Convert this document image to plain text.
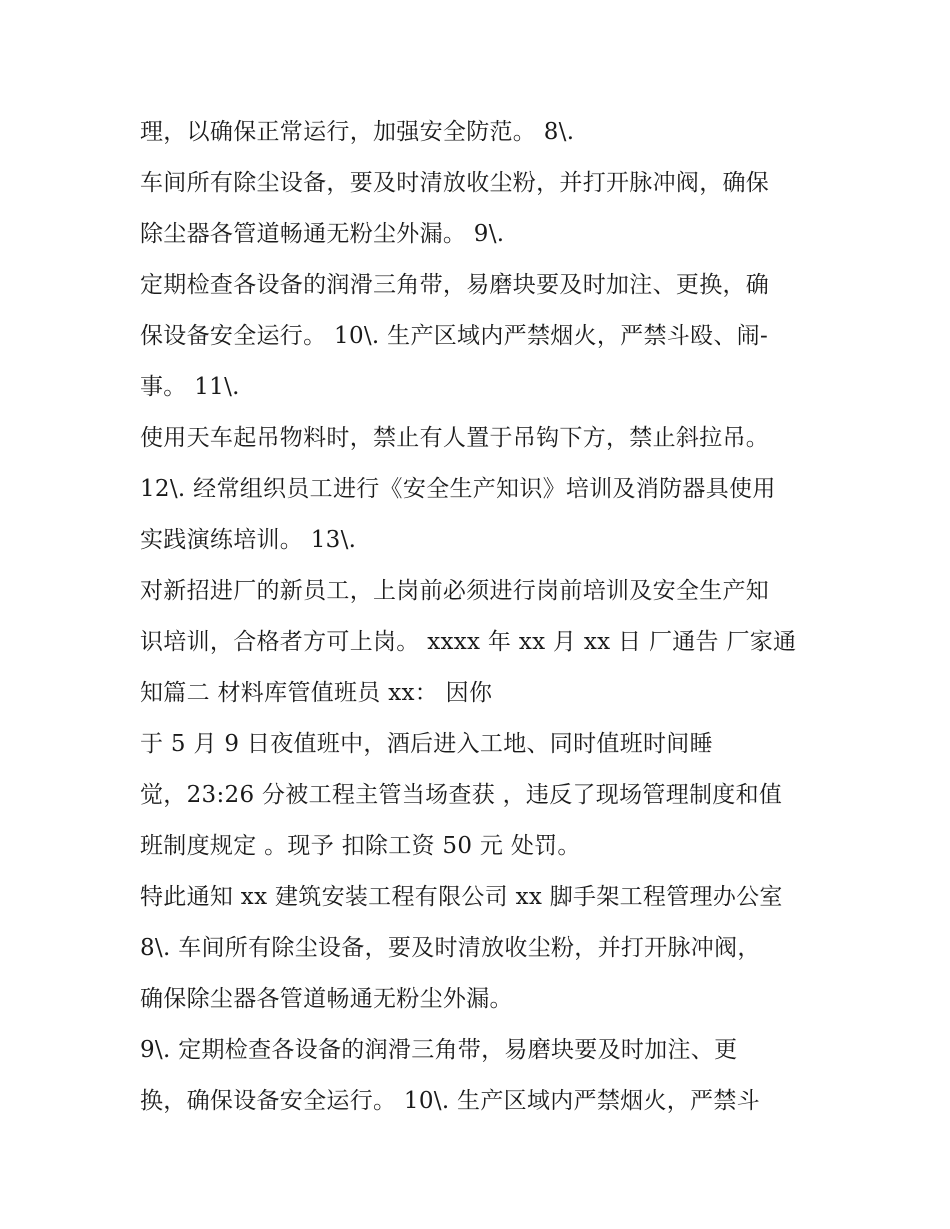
理，以确保正常运行，加强安全防范。 8\.
车间所有除尘设备，要及时清放收尘粉，并打开脉冲阀，确保
除尘器各管道畅通无粉尘外漏。 9\.
定期检查各设备的润滑三角带，易磨块要及时加注、更换，确
保设备安全运行。 10\. 生产区域内严禁烟火，严禁斗殴、闹-
事。 11\.
使用天车起吊物料时，禁止有人置于吊钩下方，禁止斜拉吊。
12\. 经常组织员工进行《安全生产知识》培训及消防器具使用
实践演练培训。 13\.
对新招进厂的新员工，上岗前必须进行岗前培训及安全生产知
识培训，合格者方可上岗。 xxxx 年 xx 月 xx 日 厂通告 厂家通
知篇二 材料库管值班员 xx： 因你
于 5 月 9 日夜值班中，酒后进入工地、同时值班时间睡
觉，23:26 分被工程主管当场查获 ，违反了现场管理制度和值
班制度规定 。现予 扣除工资 50 元 处罚。
特此通知 xx 建筑安装工程有限公司 xx 脚手架工程管理办公室
8\. 车间所有除尘设备，要及时清放收尘粉，并打开脉冲阀，
确保除尘器各管道畅通无粉尘外漏。
9\. 定期检查各设备的润滑三角带，易磨块要及时加注、更
换，确保设备安全运行。 10\. 生产区域内严禁烟火，严禁斗
